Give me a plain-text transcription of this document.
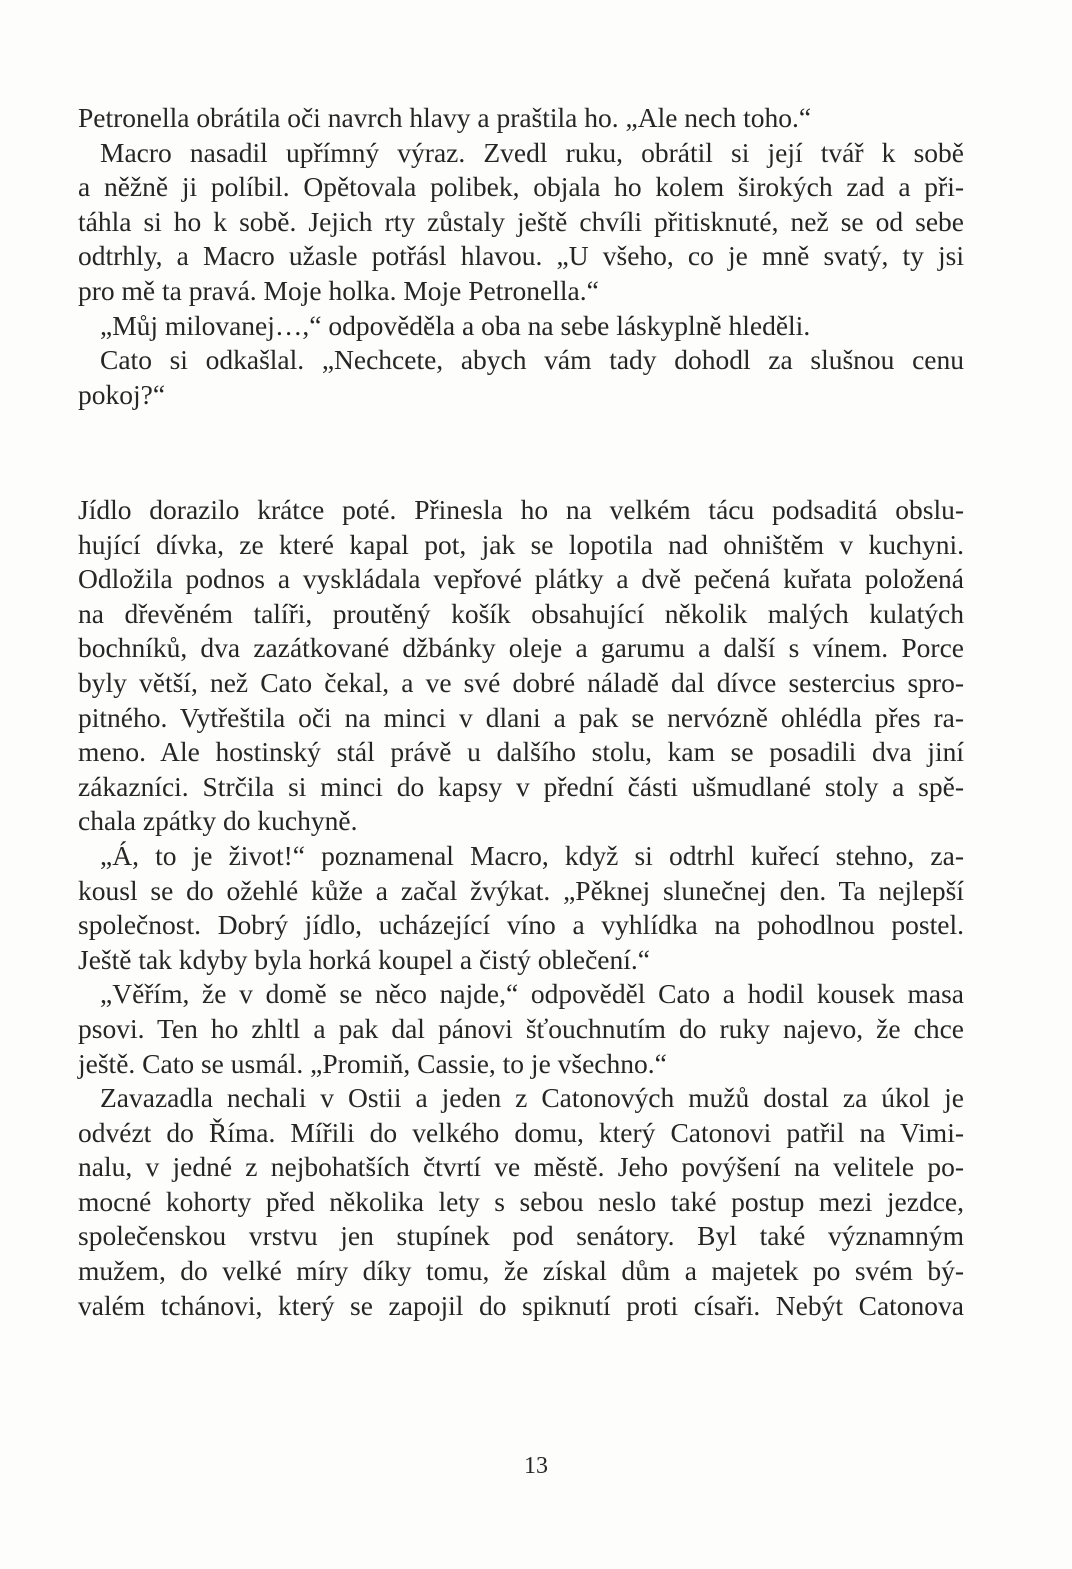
Petronella obrátila oči navrch hlavy a praštila ho. „Ale nech toho.“
Macro nasadil upřímný výraz. Zvedl ruku, obrátil si její tvář k sobě
a něžně ji políbil. Opětovala polibek, objala ho kolem širokých zad a při-
táhla si ho k sobě. Jejich rty zůstaly ještě chvíli přitisknuté, než se od sebe
odtrhly, a Macro užasle potřásl hlavou. „U všeho, co je mně svatý, ty jsi
pro mě ta pravá. Moje holka. Moje Petronella.“
„Můj milovanej…,“ odpověděla a oba na sebe láskyplně hleděli.
Cato si odkašlal. „Nechcete, abych vám tady dohodl za slušnou cenu
pokoj?“
Jídlo dorazilo krátce poté. Přinesla ho na velkém tácu podsaditá obslu-
hující dívka, ze které kapal pot, jak se lopotila nad ohništěm v kuchyni.
Odložila podnos a vyskládala vepřové plátky a dvě pečená kuřata položená
na dřevěném talíři, proutěný košík obsahující několik malých kulatých
bochníků, dva zazátkované džbánky oleje a garumu a další s vínem. Porce
byly větší, než Cato čekal, a ve své dobré náladě dal dívce sestercius spro-
pitného. Vytřeštila oči na minci v dlani a pak se nervózně ohlédla přes ra-
meno. Ale hostinský stál právě u dalšího stolu, kam se posadili dva jiní
zákazníci. Strčila si minci do kapsy v přední části ušmudlané stoly a spě-
chala zpátky do kuchyně.
„Á, to je život!“ poznamenal Macro, když si odtrhl kuřecí stehno, za-
kousl se do ožehlé kůže a začal žvýkat. „Pěknej slunečnej den. Ta nejlepší
společnost. Dobrý jídlo, ucházející víno a vyhlídka na pohodlnou postel.
Ještě tak kdyby byla horká koupel a čistý oblečení.“
„Věřím, že v domě se něco najde,“ odpověděl Cato a hodil kousek masa
psovi. Ten ho zhltl a pak dal pánovi šťouchnutím do ruky najevo, že chce
ještě. Cato se usmál. „Promiň, Cassie, to je všechno.“
Zavazadla nechali v Ostii a jeden z Catonových mužů dostal za úkol je
odvézt do Říma. Mířili do velkého domu, který Catonovi patřil na Vimi-
nalu, v jedné z nejbohatších čtvrtí ve městě. Jeho povýšení na velitele po-
mocné kohorty před několika lety s sebou neslo také postup mezi jezdce,
společenskou vrstvu jen stupínek pod senátory. Byl také významným
mužem, do velké míry díky tomu, že získal dům a majetek po svém bý-
valém tchánovi, který se zapojil do spiknutí proti císaři. Nebýt Catonova
13
